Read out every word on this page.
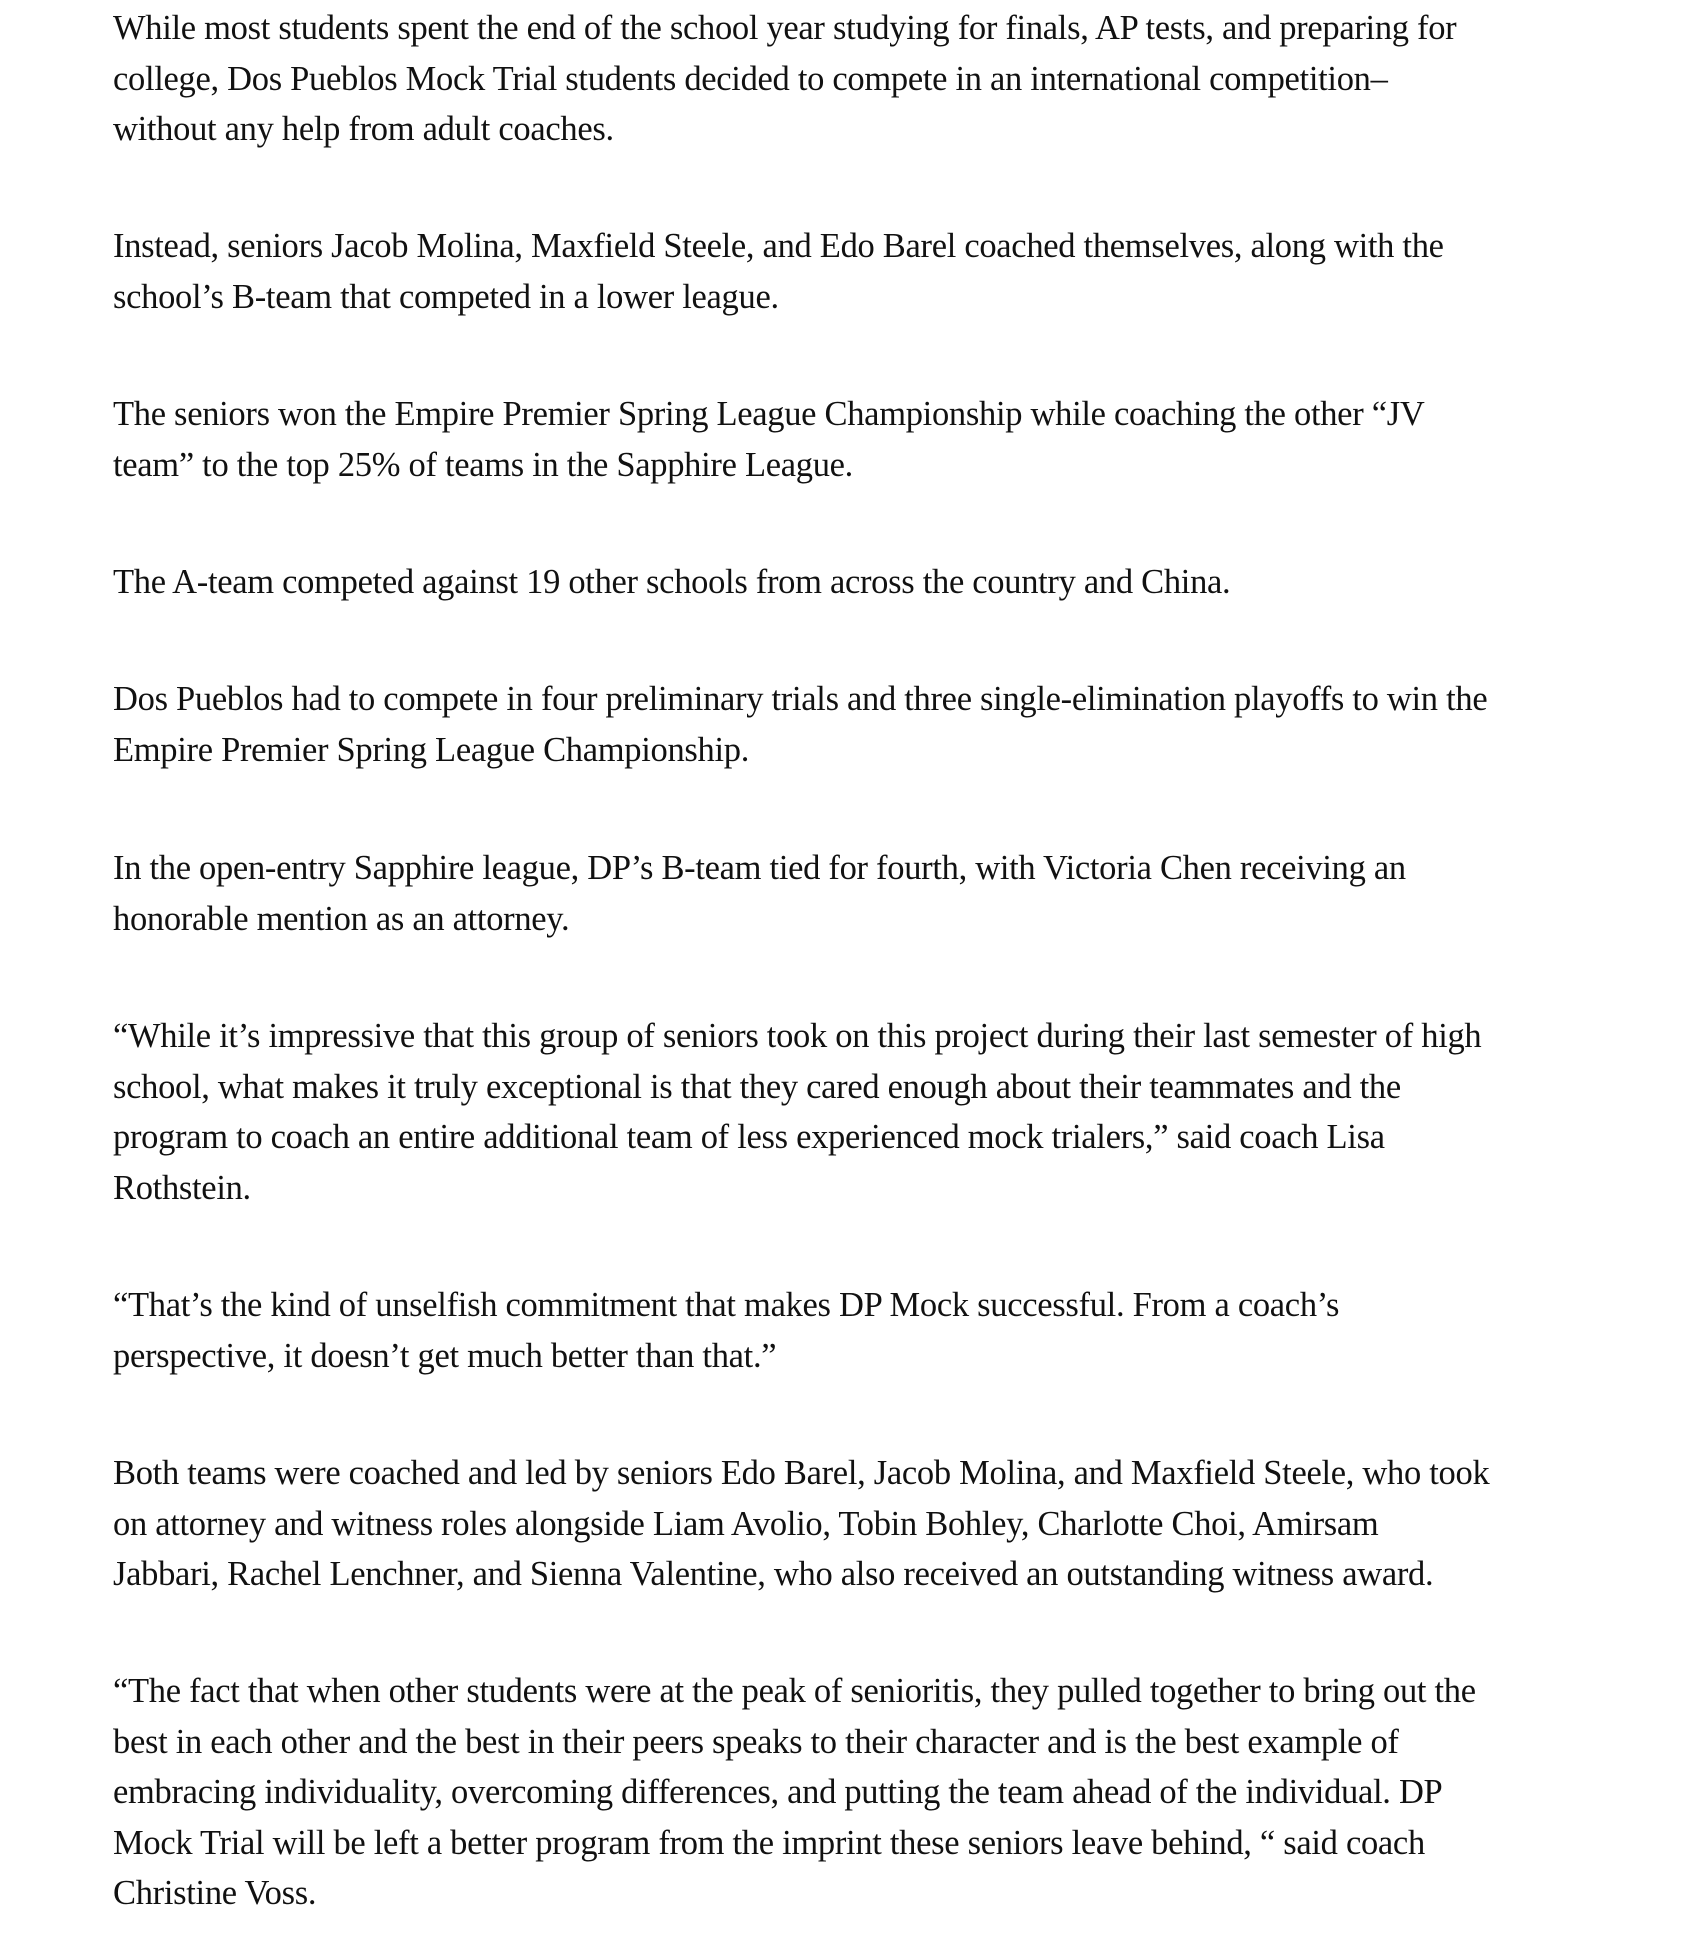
While most students spent the end of the school year studying for finals, AP tests, and preparing for
college, Dos Pueblos Mock Trial students decided to compete in an international competition–
without any help from adult coaches.

Instead, seniors Jacob Molina, Maxfield Steele, and Edo Barel coached themselves, along with the
school’s B-team that competed in a lower league.

The seniors won the Empire Premier Spring League Championship while coaching the other “JV
team” to the top 25% of teams in the Sapphire League.

The A-team competed against 19 other schools from across the country and China.

Dos Pueblos had to compete in four preliminary trials and three single-elimination playoffs to win the
Empire Premier Spring League Championship.

In the open-entry Sapphire league, DP’s B-team tied for fourth, with Victoria Chen receiving an
honorable mention as an attorney.

“While it’s impressive that this group of seniors took on this project during their last semester of high
school, what makes it truly exceptional is that they cared enough about their teammates and the
program to coach an entire additional team of less experienced mock trialers,” said coach Lisa
Rothstein.

“That’s the kind of unselfish commitment that makes DP Mock successful. From a coach’s
perspective, it doesn’t get much better than that.”

Both teams were coached and led by seniors Edo Barel, Jacob Molina, and Maxfield Steele, who took
on attorney and witness roles alongside Liam Avolio, Tobin Bohley, Charlotte Choi, Amirsam
Jabbari, Rachel Lenchner, and Sienna Valentine, who also received an outstanding witness award.

“The fact that when other students were at the peak of senioritis, they pulled together to bring out the
best in each other and the best in their peers speaks to their character and is the best example of
embracing individuality, overcoming differences, and putting the team ahead of the individual. DP
Mock Trial will be left a better program from the imprint these seniors leave behind, “ said coach
Christine Voss.
